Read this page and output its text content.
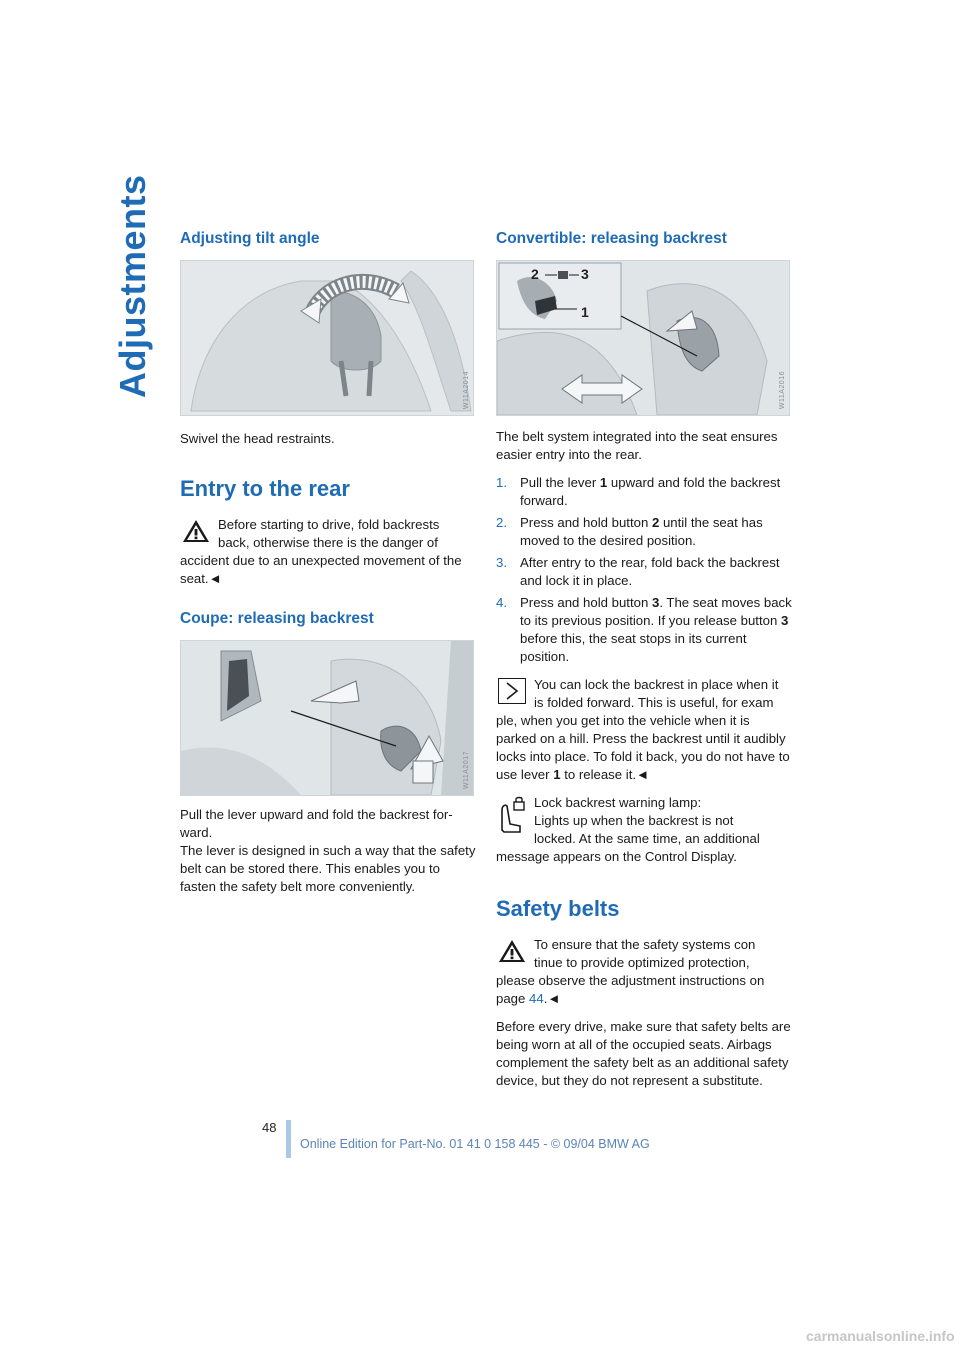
Adjustments Adjusting tilt angle
W11A2014

Swivel the head restraints.

Entry to the rear

Before starting to drive, fold backrests

back, otherwise there is the danger of

accident due to an unexpected movement of the seat.◄

Coupe: releasing backrest
W11A2017

Pull the lever upward and fold the backrest forward.

The lever is designed in such a way that the safety belt can be stored there. This enables you to fasten the safety belt more conveniently.

Convertible: releasing backrest
3
2
1
W11A2016

The belt system integrated into the seat ensures easier entry into the rear.

1. Pull the lever 1 upward and fold the backrest forward.
2. Press and hold button 2 until the seat has moved to the desired position.
3. After entry to the rear, fold back the backrest and lock it in place.
4. Press and hold button 3. The seat moves back to its previous position. If you release button 3 before this, the seat stops in its current position.

You can lock the backrest in place when it

is folded forward. This is useful, for exam

ple, when you get into the vehicle when it is parked on a hill. Press the backrest until it audibly locks into place. To fold it back, you do not have to use lever 1 to release it.◄

Lock backrest warning lamp:

Lights up when the backrest is not

locked. At the same time, an additional

message appears on the Control Display.

Safety belts

To ensure that the safety systems con

tinue to provide optimized protection,

please observe the adjustment instructions on page 44.◄

Before every drive, make sure that safety belts are being worn at all of the occupied seats. Airbags complement the safety belt as an additional safety device, but they do not represent a substitute.

48
Online Edition for Part-No. 01 41 0 158 445 - © 09/04 BMW AG
carmanualsonline.info
